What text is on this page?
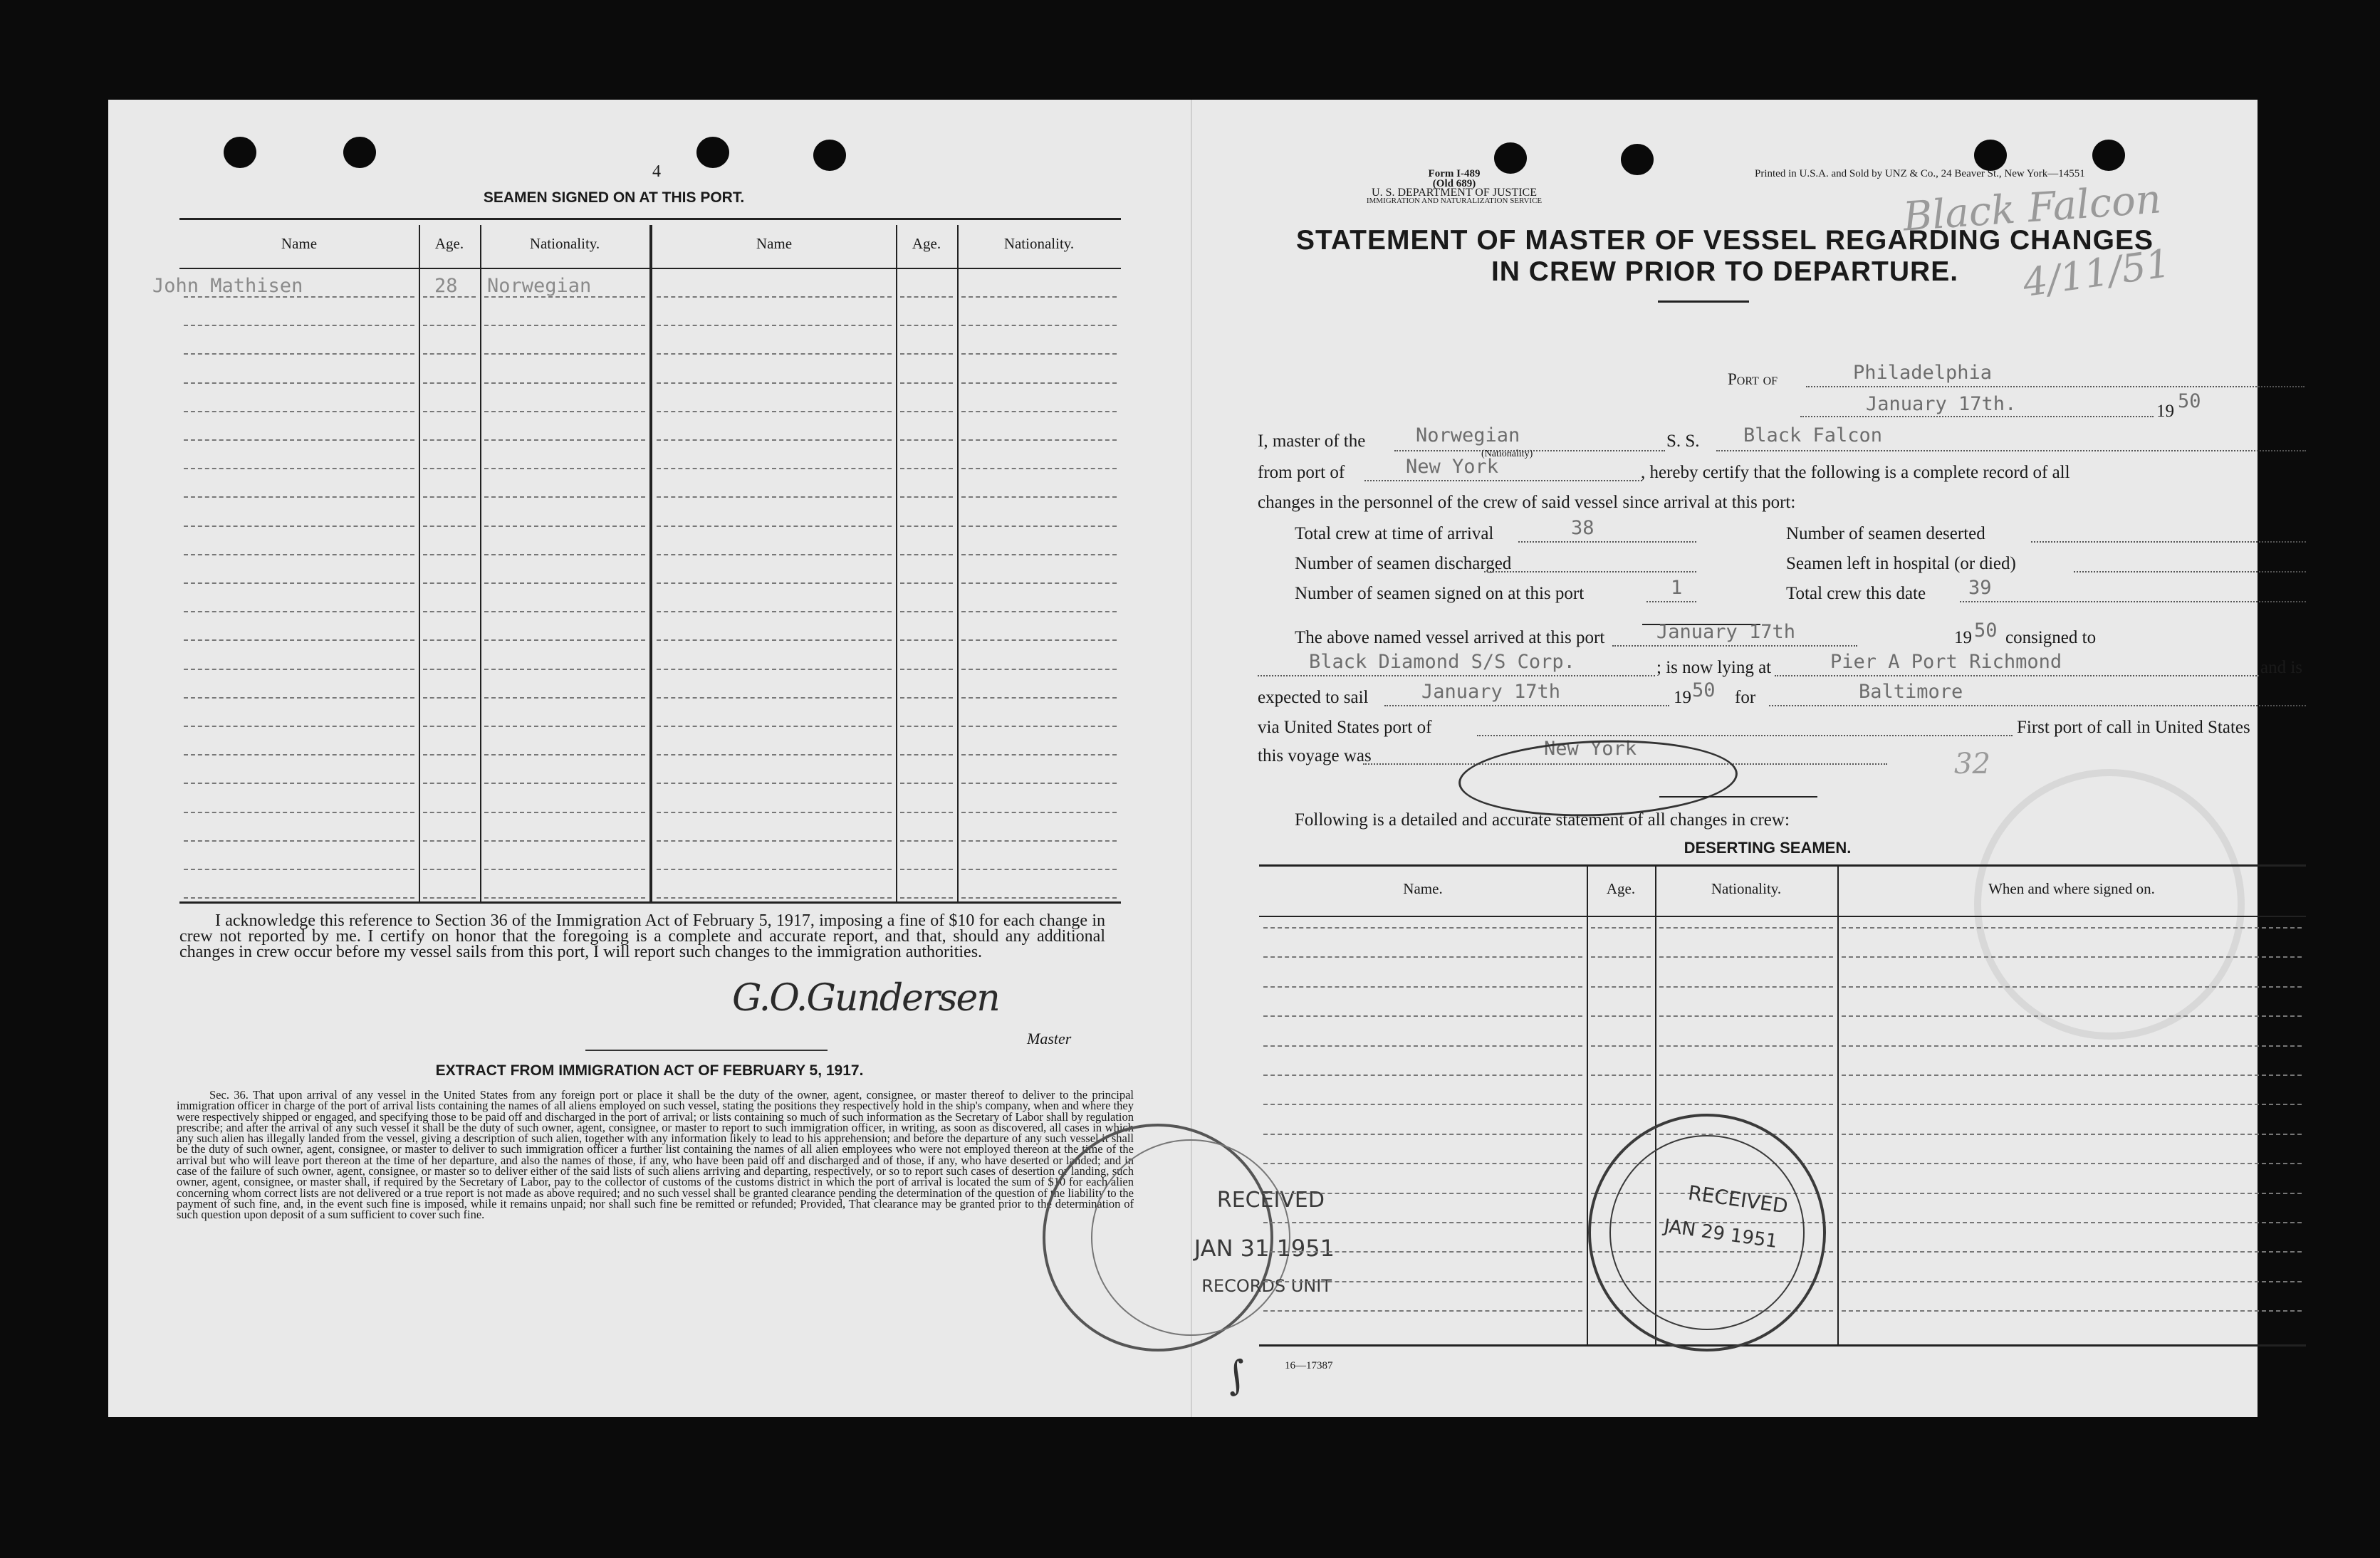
4
SEAMEN SIGNED ON AT THIS PORT.
Name	Age.	Nationality.	Name	Age.	Nationality.
John Mathisen	28 Norwegian
I acknowledge this reference to Section 36 of the Immigration Act of February 5, 1917, imposing a fine of $10 for each change in crew not reported by me. I certify on honor that the foregoing is a complete and accurate report, and that, should any additional changes in crew occur before my vessel sails from this port, I will report such changes to the immigration authorities.
G.O.Gundersen
Master
EXTRACT FROM IMMIGRATION ACT OF FEBRUARY 5, 1917.
Sec. 36. That upon arrival of any vessel in the United States from any foreign port or place it shall be the duty of the owner, agent, consignee, or master thereof to deliver to the principal immigration officer in charge of the port of arrival lists containing the names of all aliens employed on such vessel, stating the positions they respectively hold in the ship's company, when and where they were respectively shipped or engaged, and specifying those to be paid off and discharged in the port of arrival; or lists containing so much of such information as the Secretary of Labor shall by regulation prescribe; and after the arrival of any such vessel it shall be the duty of such owner, agent, consignee, or master to report to such immigration officer, in writing, as soon as discovered, all cases in which any such alien has illegally landed from the vessel, giving a description of such alien, together with any information likely to lead to his apprehension; and before the departure of any such vessel it shall be the duty of such owner, agent, consignee, or master to deliver to such immigration officer a further list containing the names of all alien employees who were not employed thereon at the time of the arrival but who will leave port thereon at the time of her departure, and also the names of those, if any, who have been paid off and discharged and of those, if any, who have deserted or landed; and in case of the failure of such owner, agent, consignee, or master so to deliver either of the said lists of such aliens arriving and departing, respectively, or so to report such cases of desertion or landing, such owner, agent, consignee, or master shall, if required by the Secretary of Labor, pay to the collector of customs of the customs district in which the port of arrival is located the sum of $10 for each alien concerning whom correct lists are not delivered or a true report is not made as above required; and no such vessel shall be granted clearance pending the determination of the question of the liability to the payment of such fine, and, in the event such fine is imposed, while it remains unpaid; nor shall such fine be remitted or refunded; Provided, That clearance may be granted prior to the determination of such question upon deposit of a sum sufficient to cover such fine.
RECEIVED
JAN 31 1951
RECORDS UNIT
Form I-489
(Old 689)
U. S. DEPARTMENT OF JUSTICE
IMMIGRATION AND NATURALIZATION SERVICE
Printed in U.S.A. and Sold by UNZ & Co., 24 Beaver St., New York—14551
Black Falcon
4/11/51
STATEMENT OF MASTER OF VESSEL REGARDING CHANGES
IN CREW PRIOR TO DEPARTURE.
Port of	Philadelphia
January 17th.	19 50
I, master of the	Norwegian
(Nationality)
S. S. Black Falcon
from port of	New York	, hereby certify that the following is a complete record of all
changes in the personnel of the crew of said vessel since arrival at this port:
Total crew at time of arrival	38	Number of seamen deserted
Number of seamen discharged	Seamen left in hospital (or died)
Number of seamen signed on at this port	1	Total crew this date 39
The above named vessel arrived at this port	January 17th	19 50 consigned to
Black Diamond S/S Corp.	; is now lying at	Pier A Port Richmond	and is
expected to sail	January 17th	19 50 for	Baltimore
via United States port of	First port of call in United States
this voyage was	New York	32
Following is a detailed and accurate statement of all changes in crew:
DESERTING SEAMEN.
Name.	Age.	Nationality.	When and where signed on.
16—17387
∫
RECEIVED
JAN 29 1951
